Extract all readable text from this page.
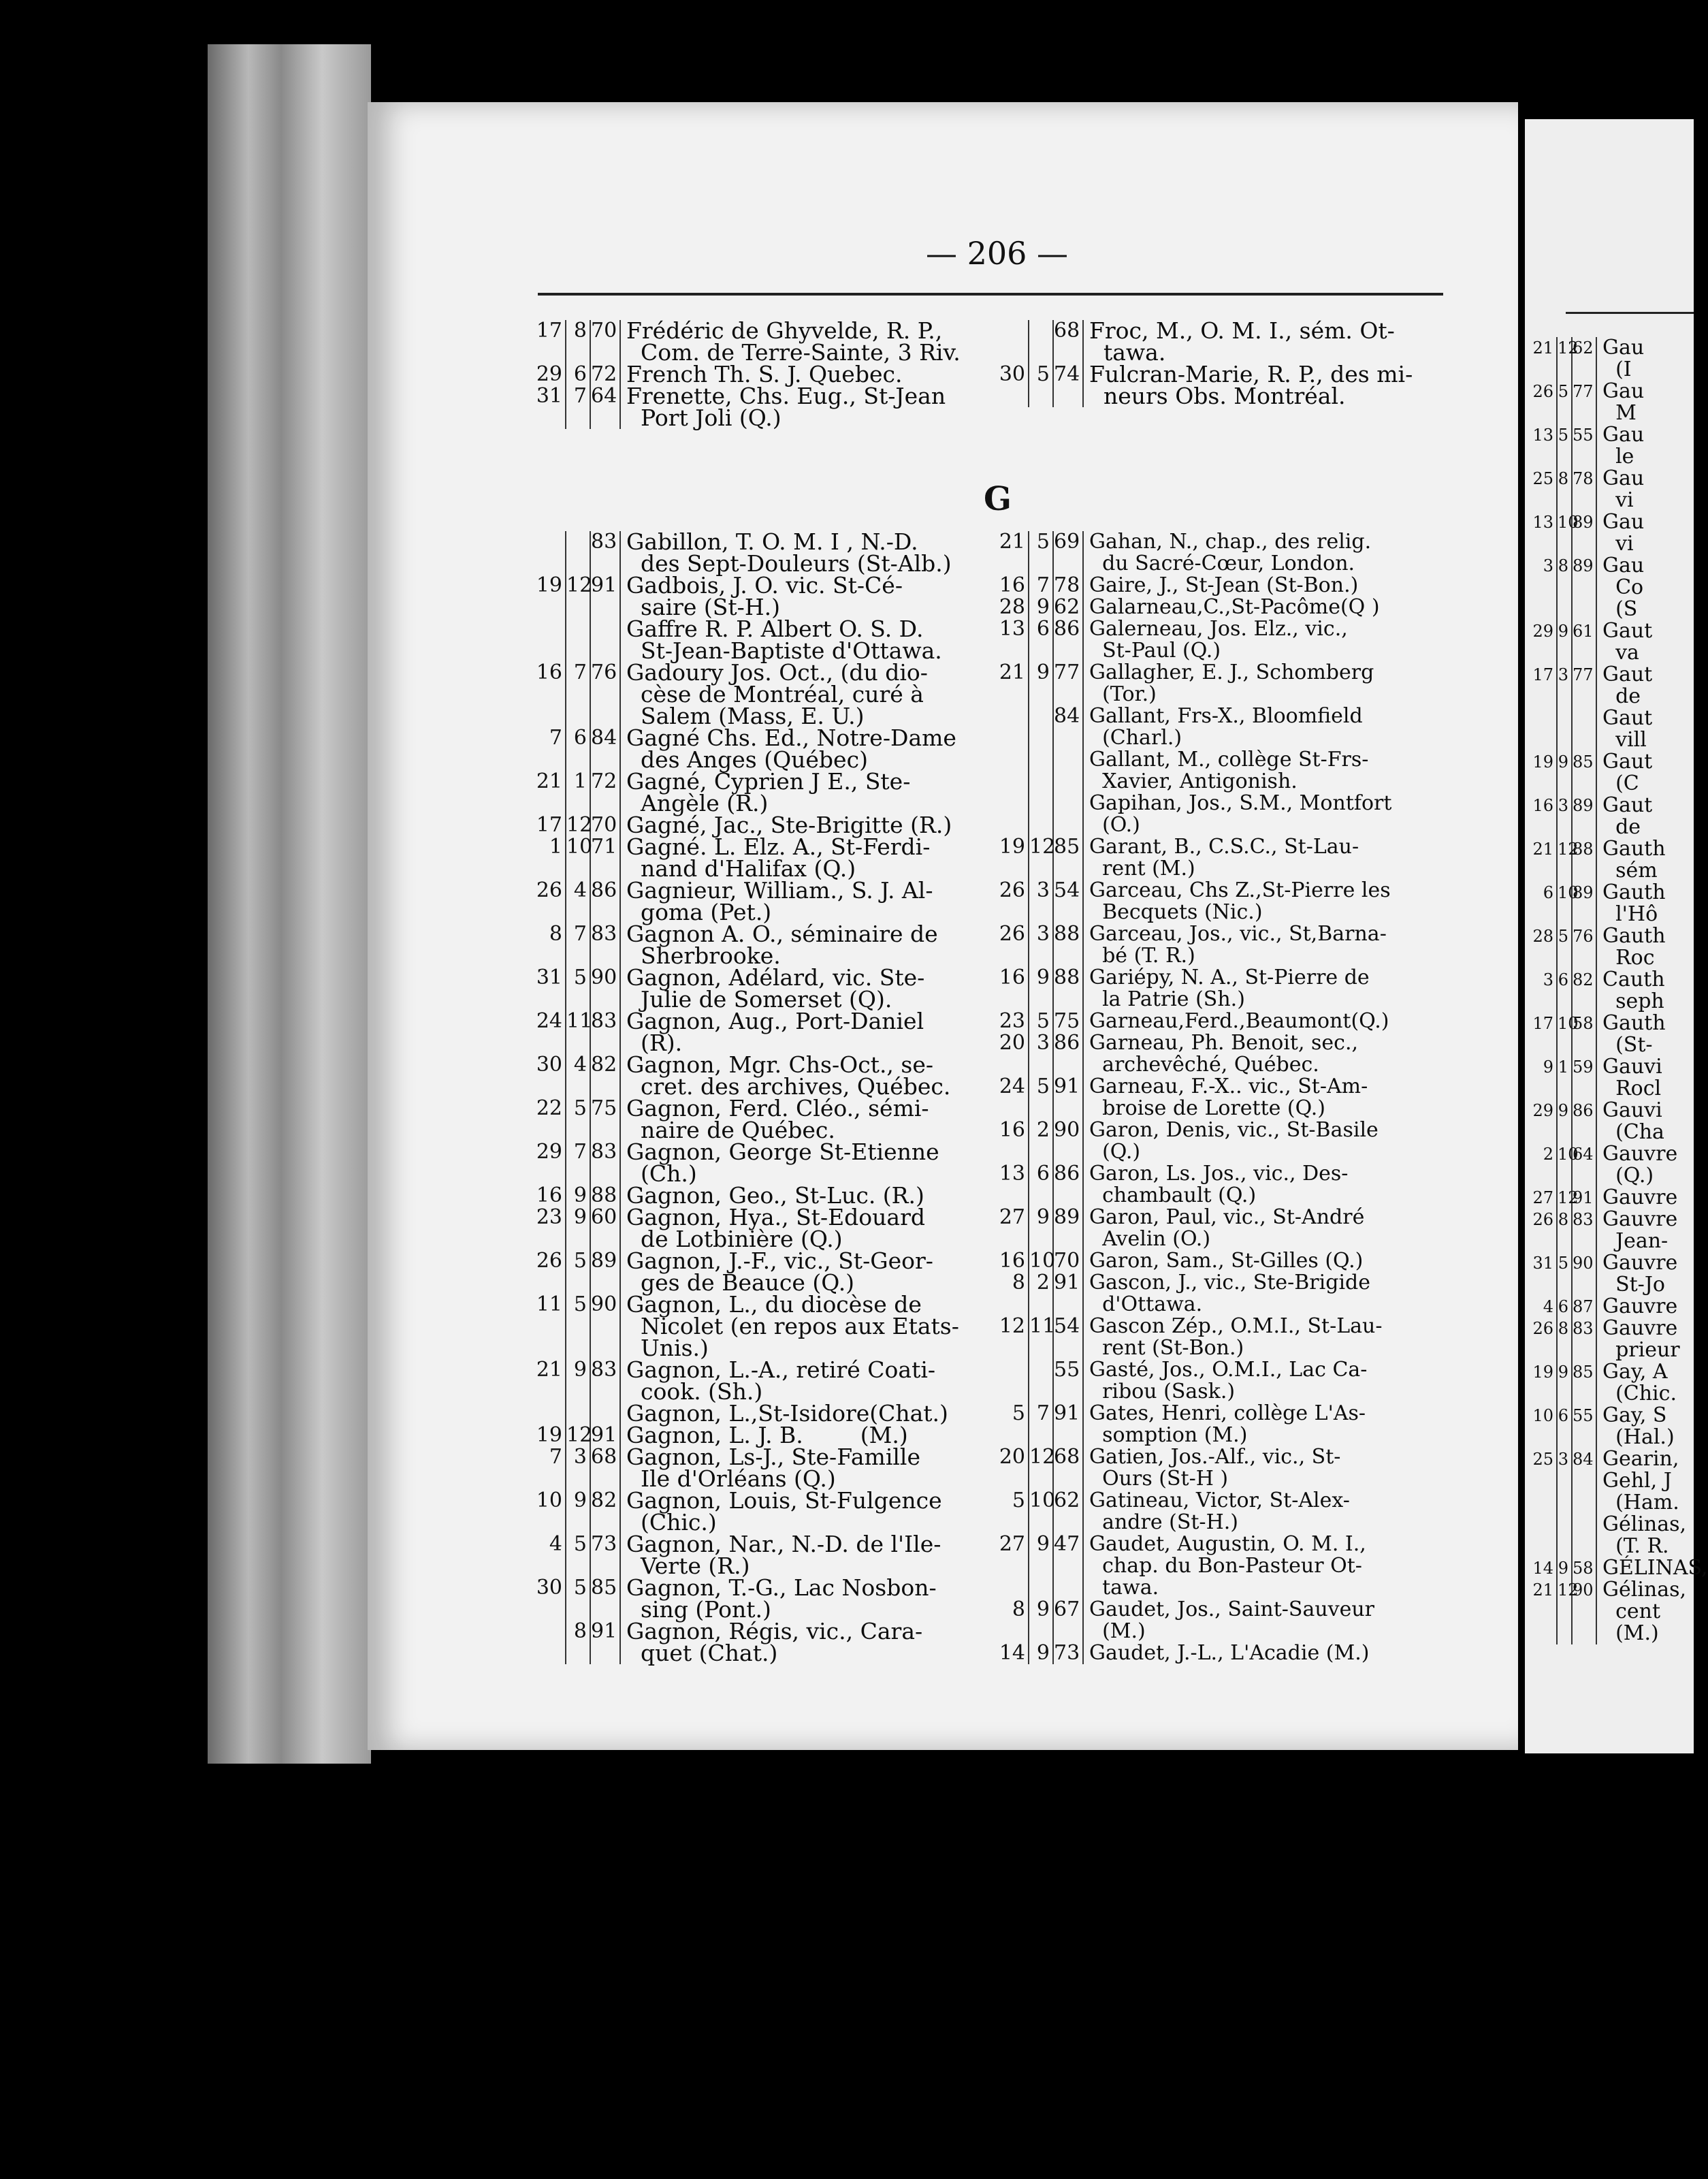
— 206 —
G
17 8 70 Frédéric de Ghyvelde, R. P.,
Com. de Terre-Sainte, 3 Riv.
29 6 72 French Th. S. J. Quebec.
31 7 64 Frenette, Chs. Eug., St-Jean
Port Joli (Q.)
68 Froc, M., O. M. I., sém. Ot-
tawa.
30 5 74 Fulcran-Marie, R. P., des mi-
neurs Obs. Montréal.
83 Gabillon, T. O. M. I , N.-D.
des Sept-Douleurs (St-Alb.)
19 12
91 Gadbois, J. O. vic. St-Cé-
saire (St-H.)
Gaffre R. P. Albert O. S. D.
St-Jean-Baptiste d'Ottawa.
16 7 76 Gadoury Jos. Oct., (du dio-
cèse de Montréal, curé à
Salem (Mass, E. U.)
7 6 84 Gagné Chs. Ed., Notre-Dame
des Anges (Québec)
21 1 72 Gagné, Cyprien J E., Ste-
Angèle (R.)
17 12
70 Gagné, Jac., Ste-Brigitte (R.)
1 10
71 Gagné. L. Elz. A., St-Ferdi-
nand d'Halifax (Q.)
26 4 86 Gagnieur, William., S. J. Al-
goma (Pet.)
8 7 83 Gagnon A. O., séminaire de
Sherbrooke.
31 5 90 Gagnon, Adélard, vic. Ste-
Julie de Somerset (Q).
24 11
83 Gagnon, Aug., Port-Daniel
(R).
30 4 82 Gagnon, Mgr. Chs-Oct., se-
cret. des archives, Québec.
22 5 75 Gagnon, Ferd. Cléo., sémi-
naire de Québec.
29 7 83 Gagnon, George St-Etienne
(Ch.)
16 9 88 Gagnon, Geo., St-Luc. (R.)
23 9 60 Gagnon, Hya., St-Edouard
de Lotbinière (Q.)
26 5 89 Gagnon, J.-F., vic., St-Geor-
ges de Beauce (Q.)
11 5 90 Gagnon, L., du diocèse de
Nicolet (en repos aux Etats-
Unis.)
21 9 83 Gagnon, L.-A., retiré Coati-
cook. (Sh.)
Gagnon, L.,St-Isidore(Chat.)
19 12
91 Gagnon, L. J. B.        (M.)
7 3 68 Gagnon, Ls-J., Ste-Famille
Ile d'Orléans (Q.)
10 9 82 Gagnon, Louis, St-Fulgence
(Chic.)
4 5 73 Gagnon, Nar., N.-D. de l'Ile-
Verte (R.)
30 5 85 Gagnon, T.-G., Lac Nosbon-
sing (Pont.)
8 91 Gagnon, Régis, vic., Cara-
quet (Chat.)
21 5 69 Gahan, N., chap., des relig.
du Sacré-Cœur, London.
16 7 78 Gaire, J., St-Jean (St-Bon.)
28 9 62 Galarneau,C.,St-Pacôme(Q )
13 6 86 Galerneau, Jos. Elz., vic.,
St-Paul (Q.)
21 9 77 Gallagher, E. J., Schomberg
(Tor.)
84 Gallant, Frs-X., Bloomfield
(Charl.)
Gallant, M., collège St-Frs-
Xavier, Antigonish.
Gapihan, Jos., S.M., Montfort
(O.)
19 12
85 Garant, B., C.S.C., St-Lau-
rent (M.)
26 3 54 Garceau, Chs Z.,St-Pierre les
Becquets (Nic.)
26 3 88 Garceau, Jos., vic., St,Barna-
bé (T. R.)
16 9 88 Gariépy, N. A., St-Pierre de
la Patrie (Sh.)
23 5 75 Garneau,Ferd.,Beaumont(Q.)
20 3 86 Garneau, Ph. Benoit, sec.,
archevêché, Québec.
24 5 91 Garneau, F.-X.. vic., St-Am-
broise de Lorette (Q.)
16 2 90 Garon, Denis, vic., St-Basile
(Q.)
13 6 86 Garon, Ls. Jos., vic., Des-
chambault (Q.)
27 9 89 Garon, Paul, vic., St-André
Avelin (O.)
16 10
70 Garon, Sam., St-Gilles (Q.)
8 2 91 Gascon, J., vic., Ste-Brigide
d'Ottawa.
12 11
54 Gascon Zép., O.M.I., St-Lau-
rent (St-Bon.)
55 Gasté, Jos., O.M.I., Lac Ca-
ribou (Sask.)
5 7 91 Gates, Henri, collège L'As-
somption (M.)
20 12
68 Gatien, Jos.-Alf., vic., St-
Ours (St-H )
5 10
62 Gatineau, Victor, St-Alex-
andre (St-H.)
27 9 47 Gaudet, Augustin, O. M. I.,
chap. du Bon-Pasteur Ot-
tawa.
8 9 67 Gaudet, Jos., Saint-Sauveur
(M.)
14 9 73 Gaudet, J.-L., L'Acadie (M.)
21 12
62 Gau
(I
26 5 77 Gau
M
13 5 55 Gau
le
25 8 78 Gau
vi
13 10
89 Gau
vi
3 8 89 Gau
Co
(S
29 9 61 Gaut
va
17 3 77 Gaut
de
Gaut
vill
19 9 85 Gaut
(C
16 3 89 Gaut
de
21 12
88 Gauth
sém
6 10
89 Gauth
l'Hô
28 5 76 Gauth
Roc
3 6 82 Cauth
seph
17 10
58 Gauth
(St-
9 1 59 Gauvi
Rocl
29 9 86 Gauvi
(Cha
2 10
64 Gauvre
(Q.)
27 12
91 Gauvre
26 8 83 Gauvre
Jean-
31 5 90 Gauvre
St-Jo
4 6 87 Gauvre
26 8 83 Gauvre
prieur
19 9 85 Gay, A
(Chic.
10 6 55 Gay, S
(Hal.)
25 3 84 Gearin,
Gehl, J
(Ham.
Gélinas,
(T. R.
14 9 58 GÉLINAS,
21 12
90 Gélinas,
cent
(M.)
